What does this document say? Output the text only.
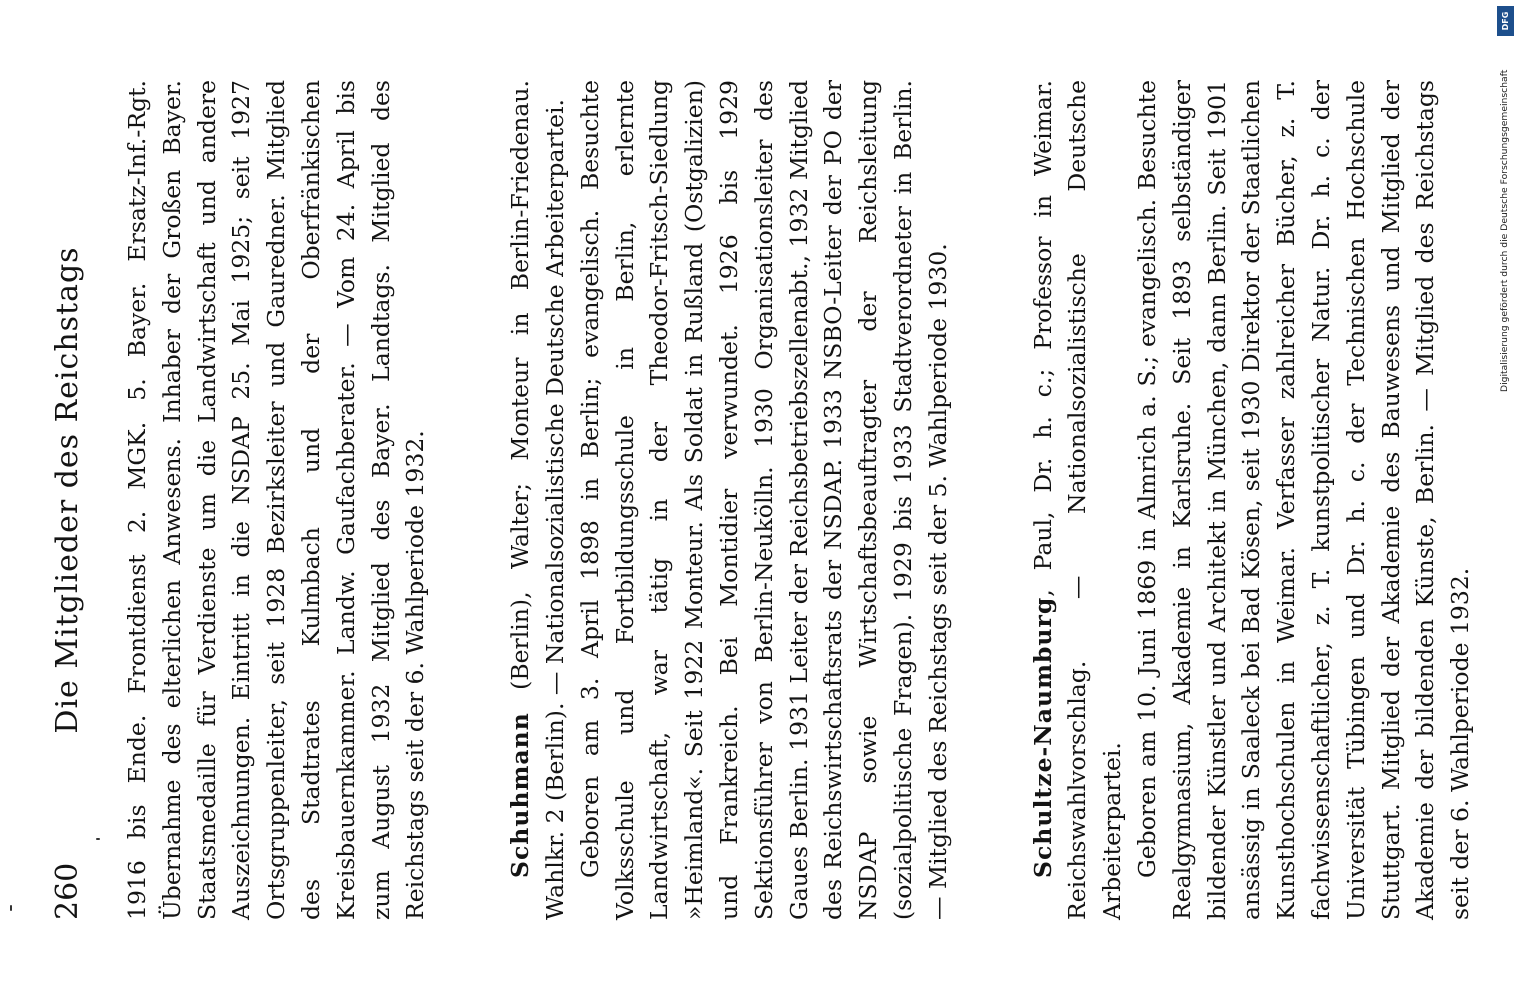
260
Die Mitglieder des Reichstags	1916 bis Ende. Frontdienst 2. MGK. 5. Bayer. Ersatz-Inf.-Rgt. Übernahme des elterlichen Anwesens. Inhaber der Großen Bayer. Staatsmedaille für Verdienste um die Landwirtschaft und andere Auszeichnungen. Eintritt in die NSDAP 25. Mai 1925; seit 1927 Ortsgruppenleiter, seit 1928 Bezirksleiter und Gauredner. Mitglied des Stadtrates Kulmbach und der Oberfränkischen Kreisbauernkammer. Landw. Gaufachberater. — Vom 24. April bis zum August 1932 Mitglied des Bayer. Landtags. Mitglied des Reichstags seit der 6. Wahlperiode 1932.	Schuhmann (Berlin), Walter; Monteur in Berlin-Friedenau. Wahlkr. 2 (Berlin). — Nationalsozialistische Deutsche Arbeiterpartei. Geboren am 3. April 1898 in Berlin; evangelisch. Besuchte Volksschule und Fortbildungsschule in Berlin, erlernte Landwirtschaft, war tätig in der Theodor-Fritsch-Siedlung »Heimland«. Seit 1922 Monteur. Als Soldat in Rußland (Ostgalizien) und Frankreich. Bei Montidier verwundet. 1926 bis 1929 Sektionsführer von Berlin-Neukölln. 1930 Organisationsleiter des Gaues Berlin. 1931 Leiter der Reichsbetriebszellenabt., 1932 Mitglied des Reichswirtschaftsrats der NSDAP. 1933 NSBO-Leiter der PO der NSDAP sowie Wirtschaftsbeauftragter der Reichsleitung (sozialpolitische Fragen). 1929 bis 1933 Stadtverordneter in Berlin. — Mitglied des Reichstags seit der 5. Wahlperiode 1930.	Schultze-Naumburg, Paul, Dr. h. c.; Professor in Weimar. Reichswahlvorschlag. — Nationalsozialistische Deutsche Arbeiterpartei. Geboren am 10. Juni 1869 in Almrich a. S.; evangelisch. Besuchte Realgymnasium, Akademie in Karlsruhe. Seit 1893 selbständiger bildender Künstler und Architekt in München, dann Berlin. Seit 1901 ansässig in Saaleck bei Bad Kösen, seit 1930 Direktor der Staatlichen Kunsthochschulen in Weimar. Verfasser zahlreicher Bücher, z. T. fachwissenschaftlicher, z. T. kunstpolitischer Natur. Dr. h. c. der Universität Tübingen und Dr. h. c. der Technischen Hochschule Stuttgart. Mitglied der Akademie des Bauwesens und Mitglied der Akademie der bildenden Künste, Berlin. — Mitglied des Reichstags seit der 6. Wahlperiode 1932.

DFG
Digitalisierung gefördert durch die Deutsche Forschungsgemeinschaft
